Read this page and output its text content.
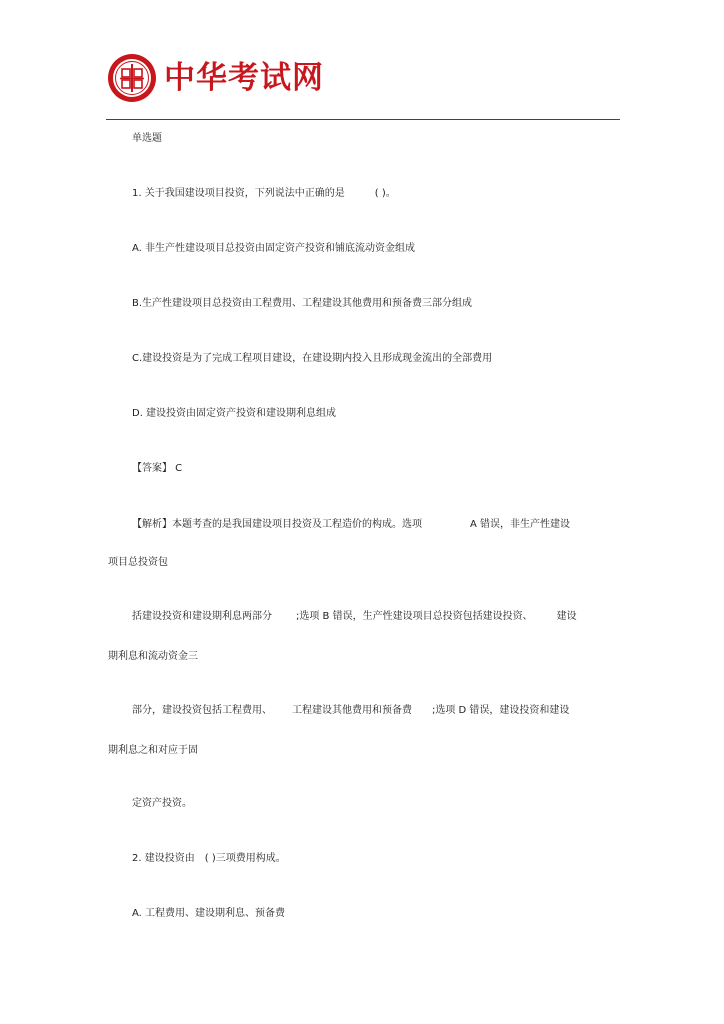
中华考试网
单选题
1. 关于我国建设项目投资，下列说法中正确的是	( )。
A. 非生产性建设项目总投资由固定资产投资和铺底流动资金组成
B.生产性建设项目总投资由工程费用、工程建设其他费用和预备费三部分组成
C.建设投资是为了完成工程项目建设，在建设期内投入且形成现金流出的全部费用
D. 建设投资由固定资产投资和建设期利息组成
【答案】 C
【解析】本题考查的是我国建设项目投资及工程造价的构成。选项	A 错误，非生产性建设
项目总投资包
括建设投资和建设期利息两部分 ;选项 B 错误，生产性建设项目总投资包括建设投资、 建设
期利息和流动资金三
部分，建设投资包括工程费用、 工程建设其他费用和预备费 ;选项 D 错误，建设投资和建设
期利息之和对应于固
定资产投资。
2. 建设投资由 ( )三项费用构成。
A. 工程费用、建设期利息、预备费
